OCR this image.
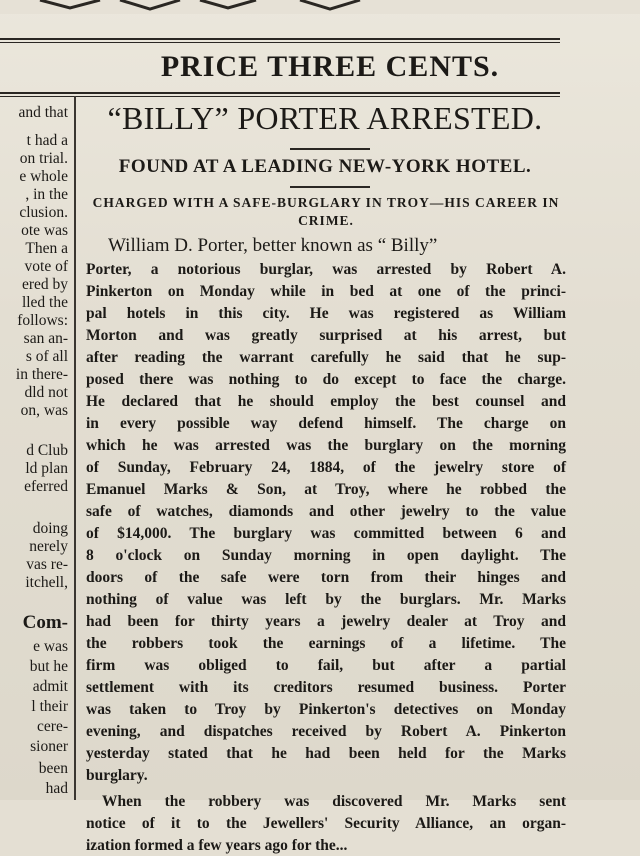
PRICE THREE CENTS.
and that
t had a
on trial.
e whole
, in the
clusion.
ote was
Then a
vote of
ered by
lled the
follows:
san an-
s of all
in there-
dld not
on, was
d Club
ld plan
eferred
doing
nerely
vas re-
itchell,
Com-
e was
but he
admit
l their
cere-
sioner
been
had
“BILLY” PORTER ARRESTED.
FOUND AT A LEADING NEW-YORK HOTEL.
CHARGED WITH A SAFE-BURGLARY IN TROY—HIS CAREER IN CRIME.
William D. Porter, better known as “ Billy”
Porter, a notorious burglar, was arrested by Robert A.
Pinkerton on Monday while in bed at one of the princi-
pal hotels in this city. He was registered as William
Morton and was greatly surprised at his arrest, but
after reading the warrant carefully he said that he sup-
posed there was nothing to do except to face the charge.
He declared that he should employ the best counsel and
in every possible way defend himself. The charge on
which he was arrested was the burglary on the morning
of Sunday, February 24, 1884, of the jewelry store of
Emanuel Marks & Son, at Troy, where he robbed the
safe of watches, diamonds and other jewelry to the value
of $14,000. The burglary was committed between 6 and
8 o'clock on Sunday morning in open daylight. The
doors of the safe were torn from their hinges and
nothing of value was left by the burglars. Mr. Marks
had been for thirty years a jewelry dealer at Troy and
the robbers took the earnings of a lifetime. The
firm was obliged to fail, but after a partial
settlement with its creditors resumed business. Porter
was taken to Troy by Pinkerton's detectives on Monday
evening, and dispatches received by Robert A. Pinkerton
yesterday stated that he had been held for the Marks
burglary.
When the robbery was discovered Mr. Marks sent
notice of it to the Jewellers' Security Alliance, an organ-
ization formed a few years ago for the...
